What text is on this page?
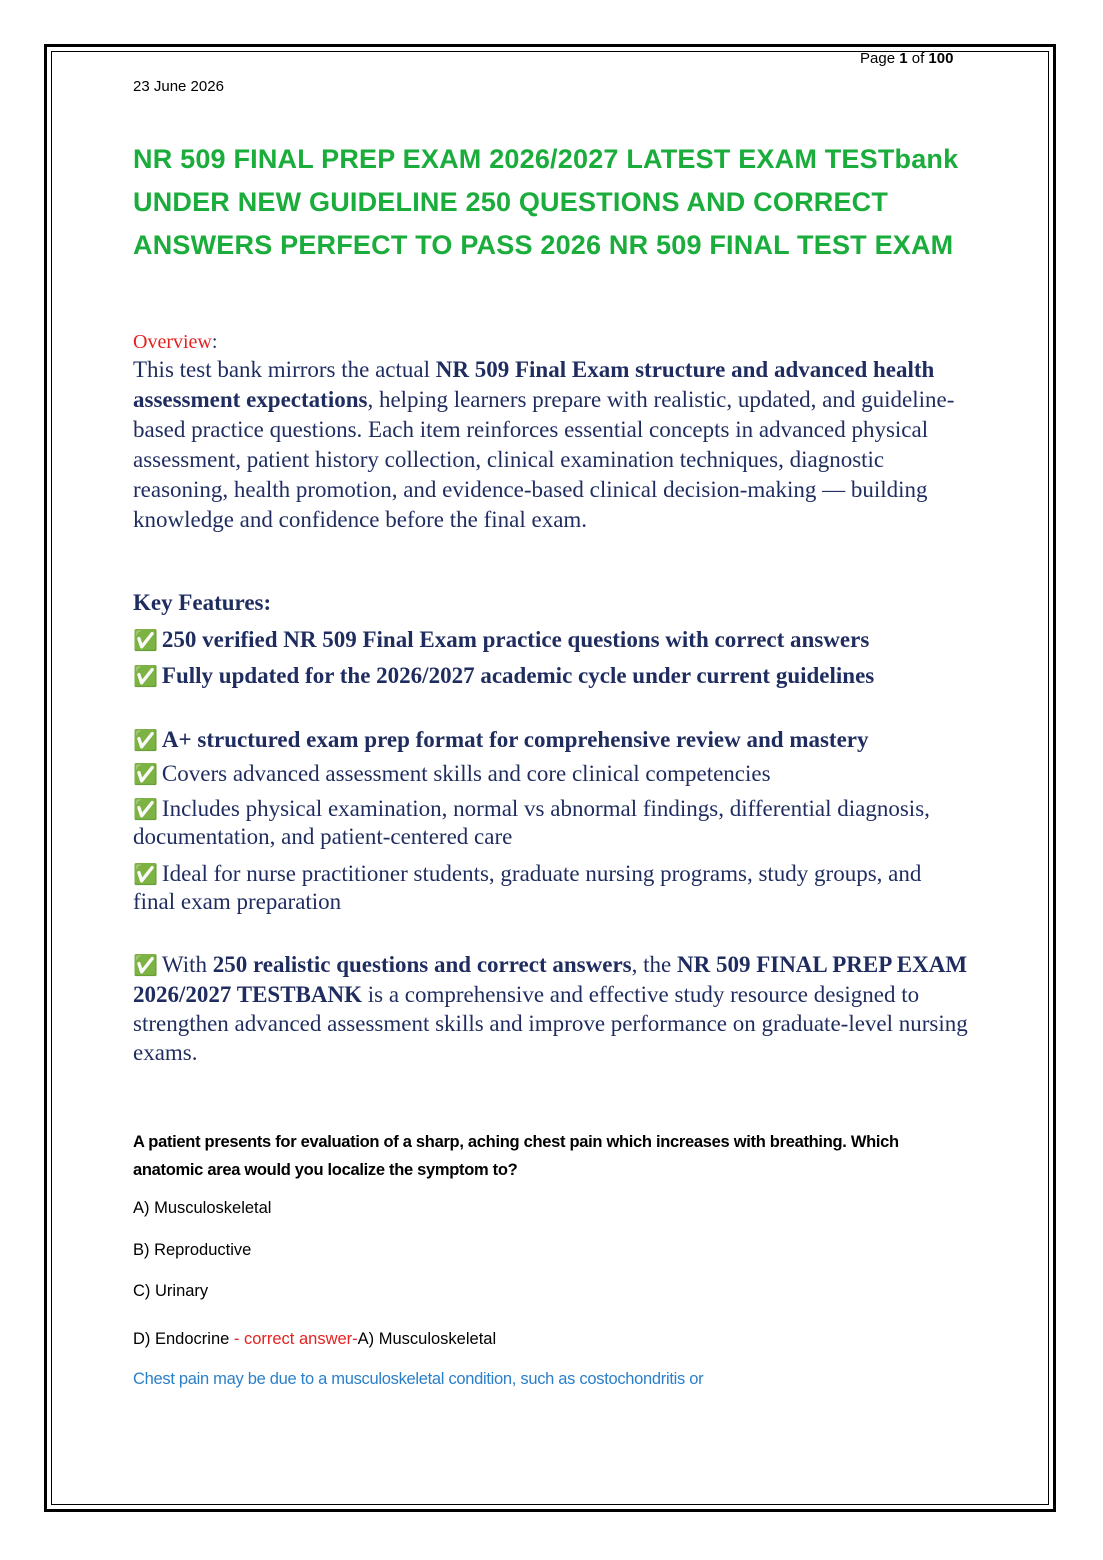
Page 1 of 100
23 June 2026
NR 509 FINAL PREP EXAM 2026/2027 LATEST EXAM TESTbank UNDER NEW GUIDELINE 250 QUESTIONS AND CORRECT ANSWERS PERFECT TO PASS 2026 NR 509 FINAL TEST EXAM
Overview:

This test bank mirrors the actual NR 509 Final Exam structure and advanced health assessment expectations, helping learners prepare with realistic, updated, and guideline-based practice questions. Each item reinforces essential concepts in advanced physical assessment, patient history collection, clinical examination techniques, diagnostic reasoning, health promotion, and evidence-based clinical decision-making — building knowledge and confidence before the final exam.

Key Features:
✅ 250 verified NR 509 Final Exam practice questions with correct answers
✅ Fully updated for the 2026/2027 academic cycle under current guidelines
✅ A+ structured exam prep format for comprehensive review and mastery
✅ Covers advanced assessment skills and core clinical competencies
✅ Includes physical examination, normal vs abnormal findings, differential diagnosis, documentation, and patient-centered care
✅ Ideal for nurse practitioner students, graduate nursing programs, study groups, and final exam preparation

✅ With 250 realistic questions and correct answers, the NR 509 FINAL PREP EXAM 2026/2027 TESTBANK is a comprehensive and effective study resource designed to strengthen advanced assessment skills and improve performance on graduate-level nursing exams.

A patient presents for evaluation of a sharp, aching chest pain which increases with breathing. Which anatomic area would you localize the symptom to?

A) Musculoskeletal
B) Reproductive
C) Urinary
D) Endocrine - correct answer-A) Musculoskeletal
Chest pain may be due to a musculoskeletal condition, such as costochondritis or
